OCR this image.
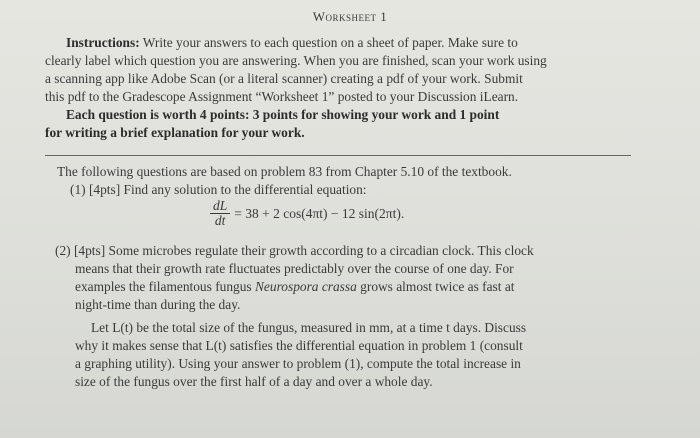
Worksheet 1
Instructions: Write your answers to each question on a sheet of paper. Make sure to
clearly label which question you are answering. When you are finished, scan your work using
a scanning app like Adobe Scan (or a literal scanner) creating a pdf of your work. Submit
this pdf to the Gradescope Assignment “Worksheet 1” posted to your Discussion iLearn.
Each question is worth 4 points: 3 points for showing your work and 1 point
for writing a brief explanation for your work.
The following questions are based on problem 83 from Chapter 5.10 of the textbook.
(1) [4pts] Find any solution to the differential equation:
$\frac{dL}{dt} = 38 + 2$ cos(4πt) − 12 sin(2πt).
(2) [4pts] Some microbes regulate their growth according to a circadian clock. This clock
means that their growth rate fluctuates predictably over the course of one day. For
examples the filamentous fungus Neurospora crassa grows almost twice as fast at
night-time than during the day.
Let L(t) be the total size of the fungus, measured in mm, at a time t days. Discuss
why it makes sense that L(t) satisfies the differential equation in problem 1 (consult
a graphing utility). Using your answer to problem (1), compute the total increase in
size of the fungus over the first half of a day and over a whole day.
